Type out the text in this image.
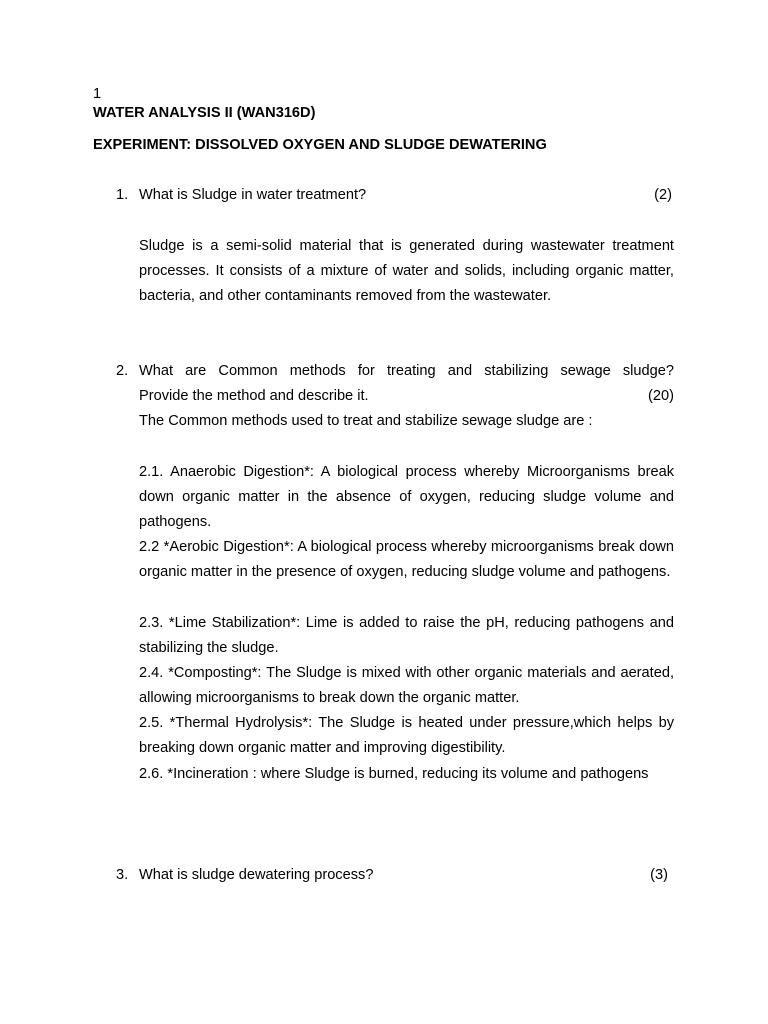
1
WATER ANALYSIS II (WAN316D)
EXPERIMENT: DISSOLVED OXYGEN AND SLUDGE DEWATERING
1. What is Sludge in water treatment?	(2)
Sludge is a semi-solid material that is generated during wastewater treatment processes. It consists of a mixture of water and solids, including organic matter, bacteria, and other contaminants removed from the wastewater.
2. What are Common methods for treating and stabilizing sewage sludge?
Provide the method and describe it.	(20)
The Common methods used to treat and stabilize sewage sludge are :
2.1. Anaerobic Digestion*: A biological process whereby Microorganisms break down organic matter in the absence of oxygen, reducing sludge volume and pathogens.
2.2 *Aerobic Digestion*: A biological process whereby microorganisms break down organic matter in the presence of oxygen, reducing sludge volume and pathogens.
2.3. *Lime Stabilization*: Lime is added to raise the pH, reducing pathogens and stabilizing the sludge.
2.4. *Composting*: The Sludge is mixed with other organic materials and aerated, allowing microorganisms to break down the organic matter.
2.5. *Thermal Hydrolysis*: The Sludge is heated under pressure,which helps by breaking down organic matter and improving digestibility.
2.6. *Incineration : where Sludge is burned, reducing its volume and pathogens
3. What is sludge dewatering process?	(3)
